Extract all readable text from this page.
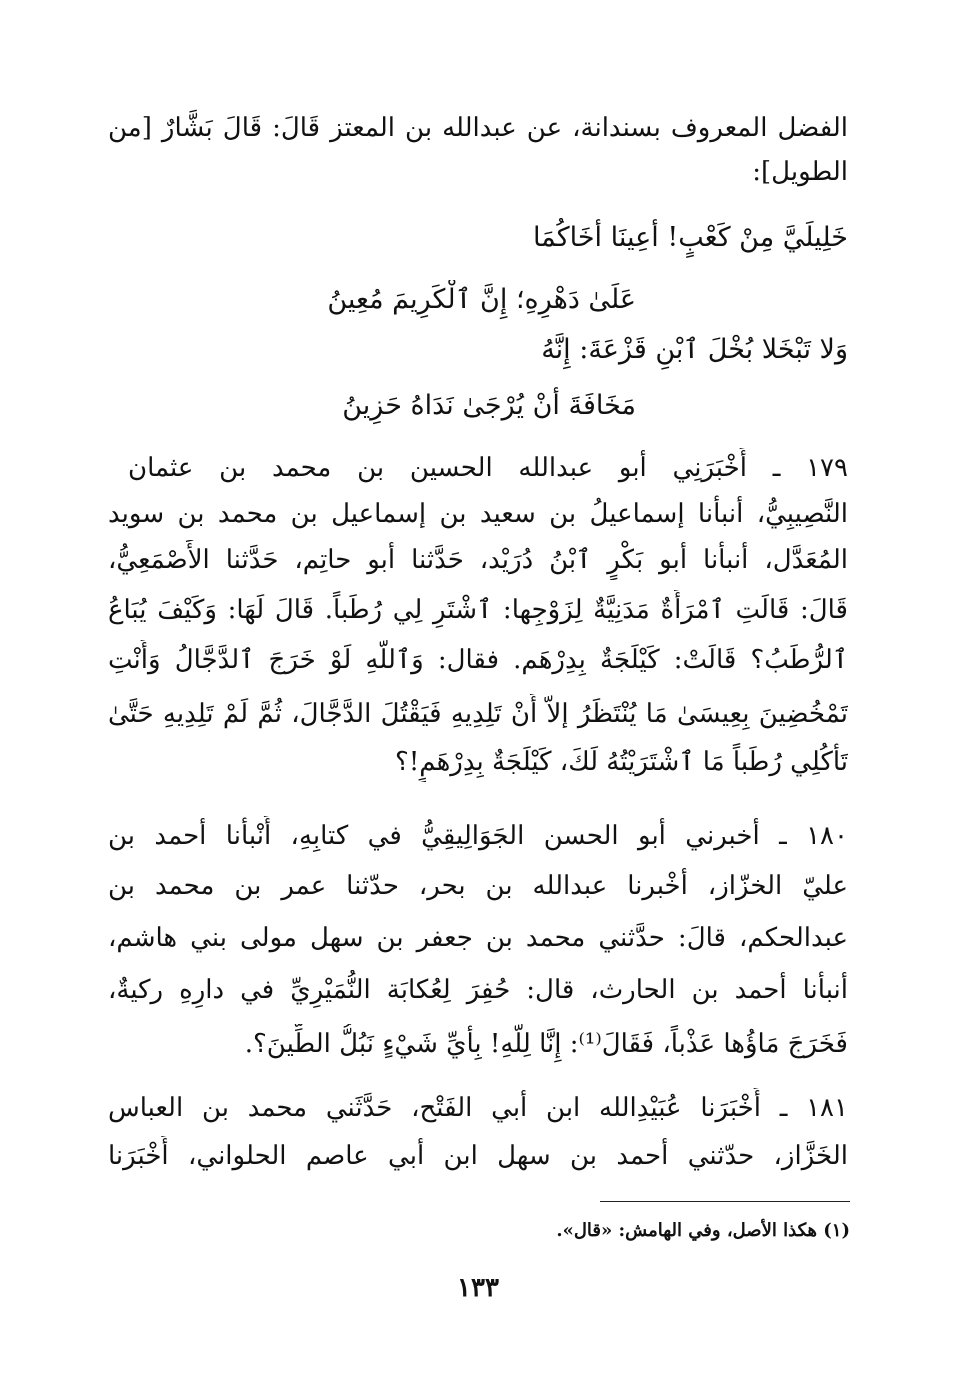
الفضل المعروف بسندانة، عن عبدالله بن المعتز قَالَ: قَالَ بَشَّارٌ [من
الطويل]:
خَلِيلَيَّ مِنْ كَعْبٍ! أَعِينَا أَخَاكُمَا
عَلَىٰ دَهْرِهِ؛ إِنَّ ٱلْكَرِيمَ مُعِينُ
وَلا تَبْخَلا بُخْلَ ٱبْنِ قَزْعَةَ: إِنَّهُ
مَخَافَةَ أَنْ يُرْجَىٰ نَدَاهُ حَزِينُ
١٧٩ ـ أَخْبَرَنِي أبو عبدالله الحسين بن محمد بن عثمان
النَّصِيبِيُّ، أنبأنا إسماعيلُ بن سعيد بن إسماعيل بن محمد بن سويد
المُعَدَّل، أنبأنا أبو بَكْرٍ ٱبْنُ دُرَيْد، حَدَّثنا أبو حاتِم، حَدَّثنا الأَصْمَعِيُّ،
قَالَ: قَالَتِ ٱمْرَأَةٌ مَدَنِيَّةٌ لِزَوْجِها: ٱشْتَرِ لِي رُطَباً. قَالَ لَهَا: وَكَيْفَ يُبَاعُ
ٱلرُّطَبُ؟ قَالَتْ: كَيْلَجَةٌ بِدِرْهَم. فقال: وَٱللَّهِ لَوْ خَرَجَ ٱلدَّجَّالُ وَأَنْتِ
تَمْخُضِينَ بِعِيسَىٰ مَا يُنْتَظَرُ إلاّ أَنْ تَلِدِيهِ فَيَقْتُلَ الدَّجَّالَ، ثُمَّ لَمْ تَلِدِيهِ حَتَّىٰ
تَأْكُلِي رُطَباً مَا ٱشْتَرَيْتُهُ لَكَ، كَيْلَجَةٌ بِدِرْهَمٍ!؟
١٨٠ ـ أخبرني أبو الحسن الجَوَالِيقِيُّ في كتابِهِ، أَنْبأَنا أحمد بن
عليّ الخزّاز، أخْبرنا عبدالله بن بحر، حدّثنا عمر بن محمد بن
عبدالحكم، قالَ: حدَّثني محمد بن جعفر بن سهل مولى بني هاشم،
أنبأنا أحمد بن الحارث، قال: حُفِرَ لِعُكابَة النُّمَيْرِيِّ في دارِهِ ركيةٌ،
فَخَرَجَ مَاؤُها عَذْباً، فَقَالَ⁽¹⁾: إِنَّا لِلَّهِ! بِأَيِّ شَيْءٍ نَبُلُّ الطِّينَ؟.
١٨١ ـ أَخْبَرَنا عُبَيْدِالله ابن أبي الفَتْح، حَدَّثَني محمد بن العباس
الخَزَّاز، حدّثني أحمد بن سهل ابن أبي عاصم الحلواني، أَخْبَرَنا
(١) هكذا الأصل، وفي الهامش: «قال».
١٣٣
